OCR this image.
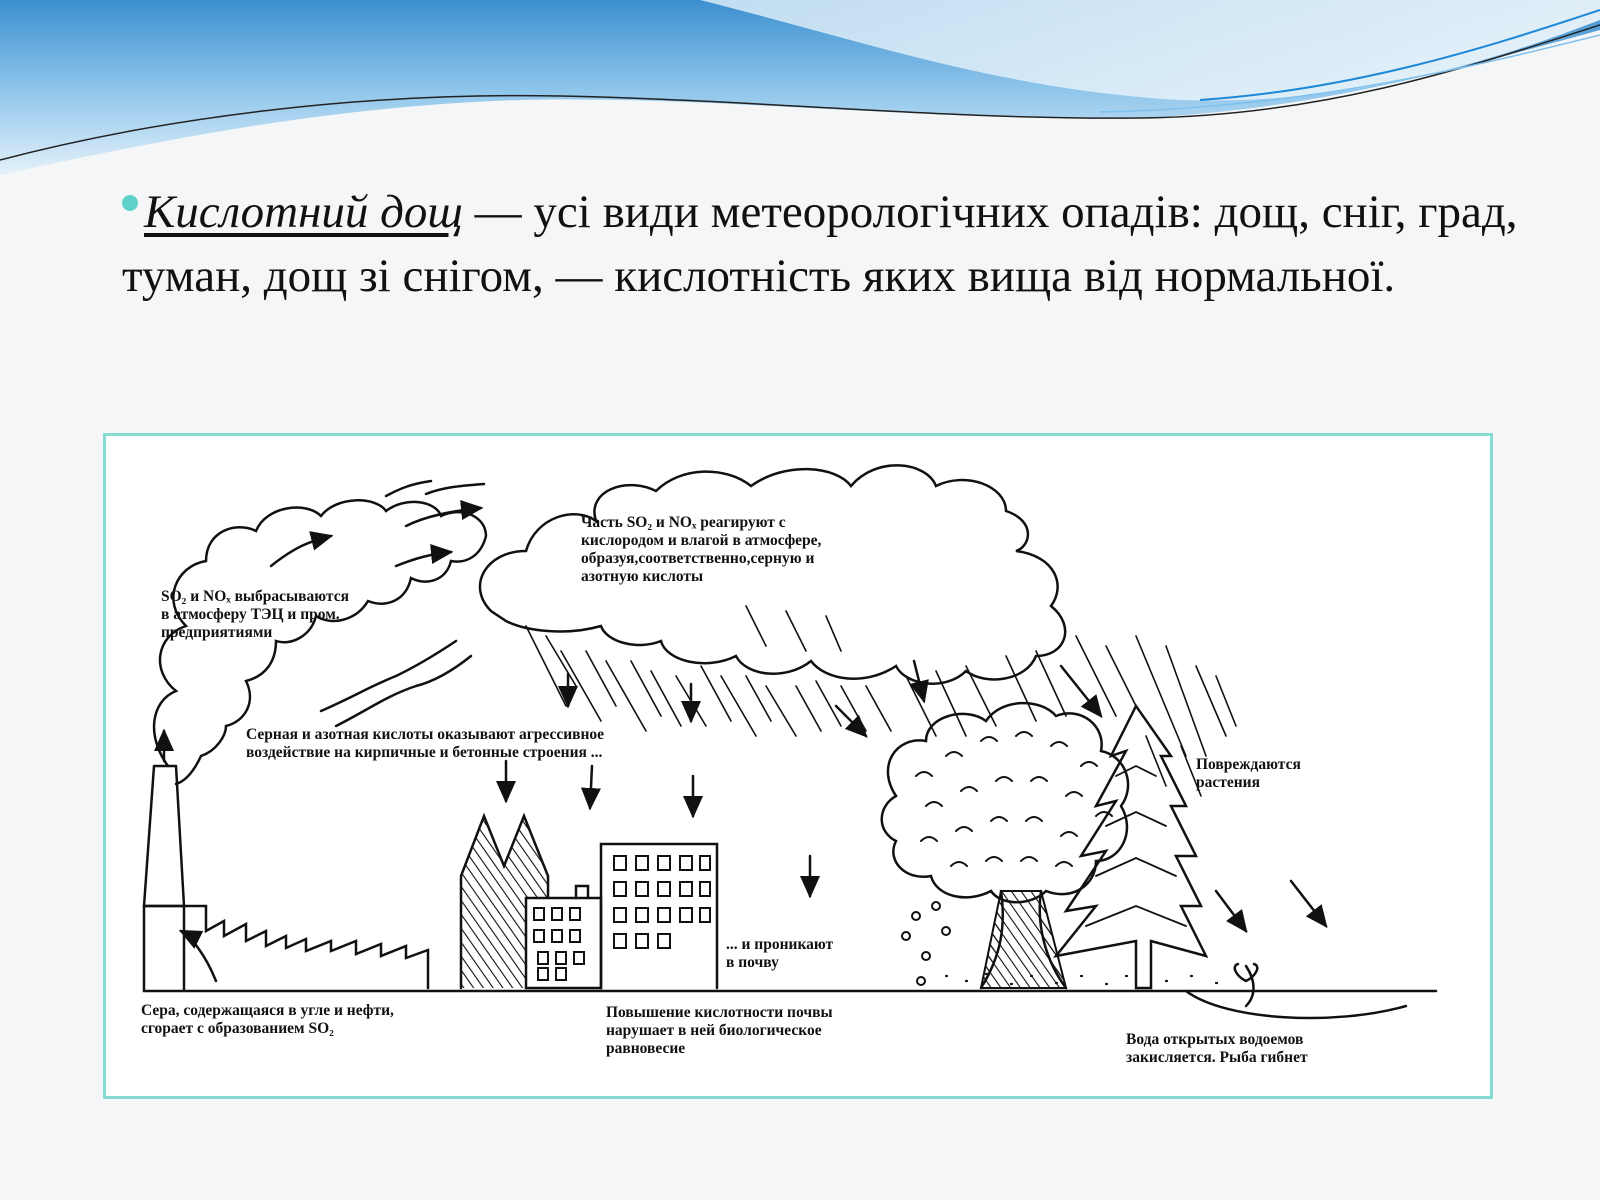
Кислотний дощ — усі види метеорологічних опадів: дощ, сніг, град, туман, дощ зі снігом, — кислотність яких вища від нормальної.
SO₂ и NOₓ выбрасываются
в атмосферу ТЭЦ и пром.
предприятиями
Часть SO₂ и NOₓ реагируют с
кислородом и влагой в атмосфере,
образуя,соответственно,серную и
азотную кислоты
Серная и азотная кислоты оказывают агрессивное
воздействие на кирпичные и бетонные строения ...
Повреждаются
растения
... и проникают
в почву
Сера, содержащаяся в угле и нефти,
сгорает с образованием SO₂
Повышение кислотности почвы
нарушает в ней биологическое
равновесие
Вода открытых водоемов
закисляется. Рыба гибнет
